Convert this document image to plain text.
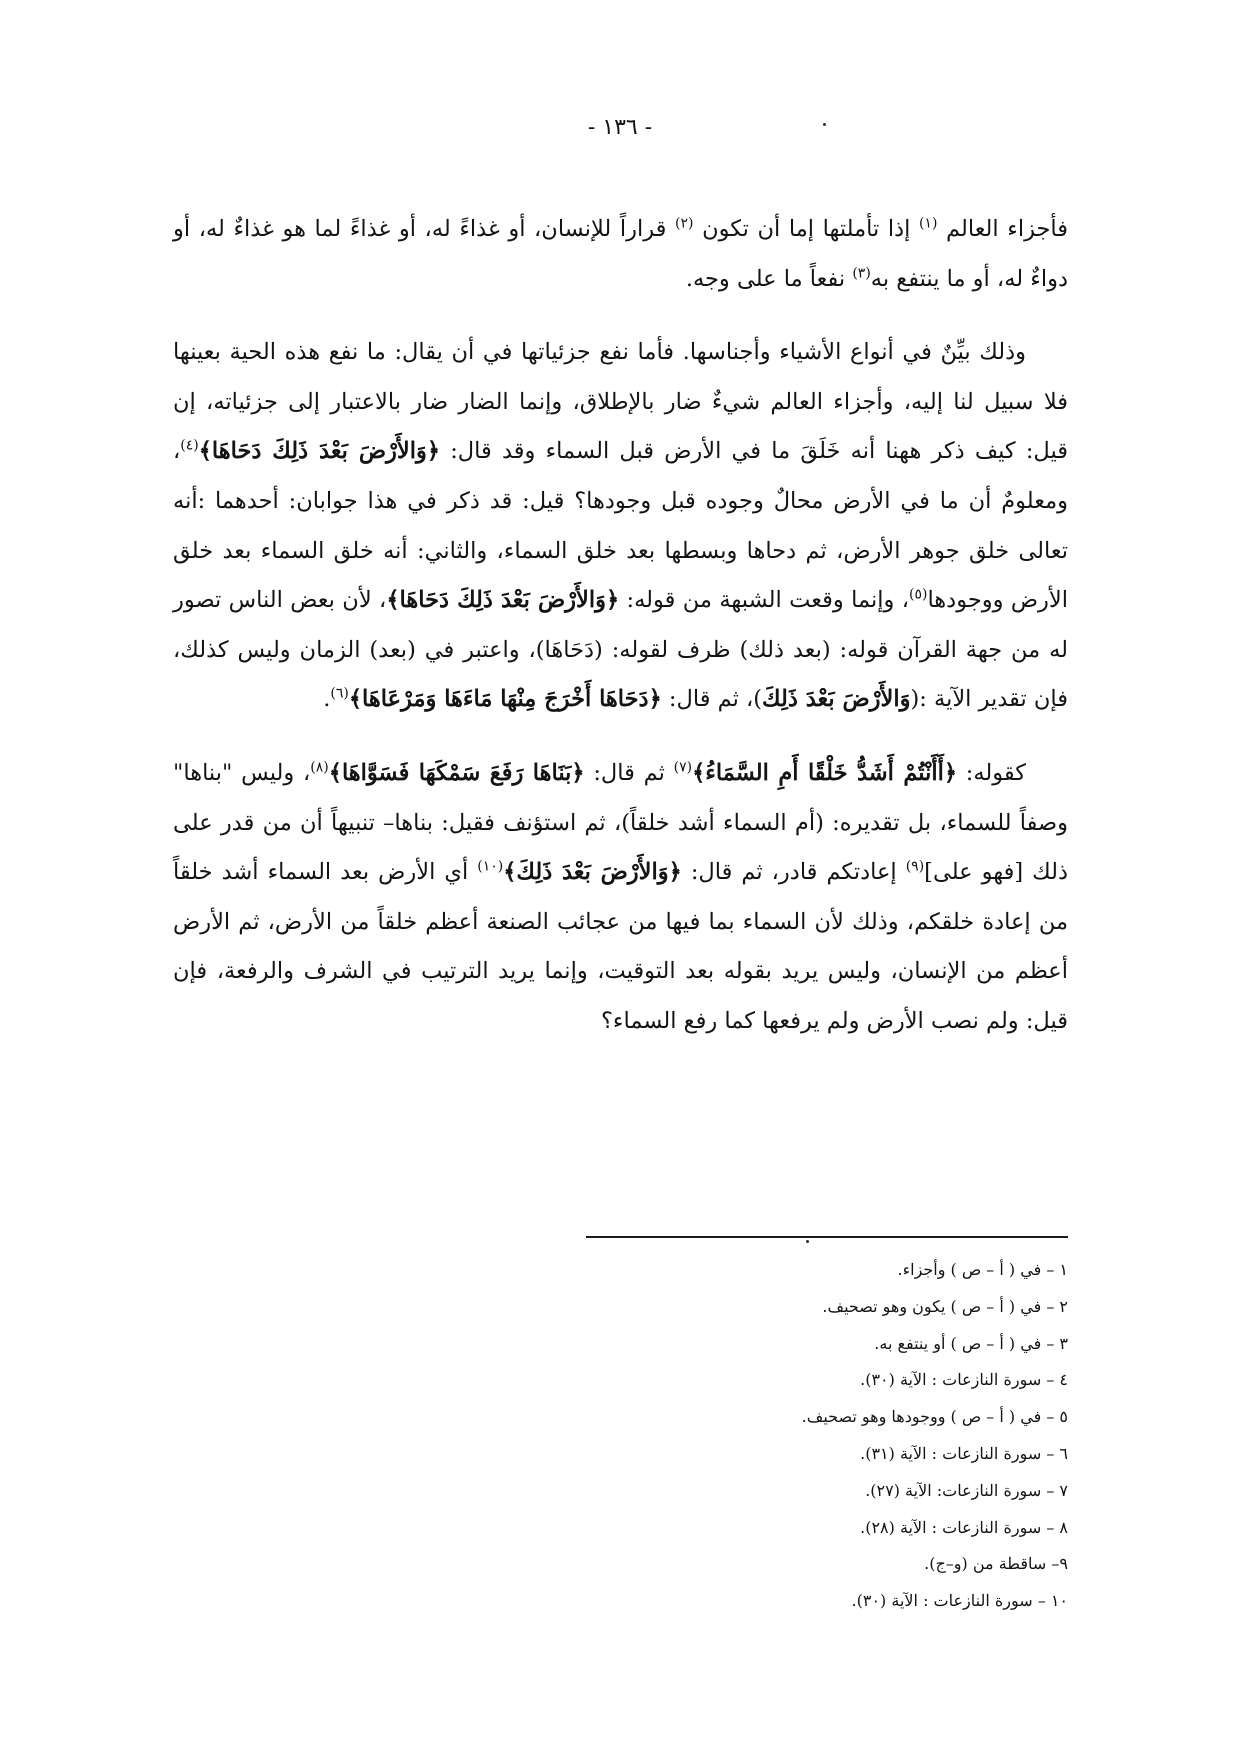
- ١٣٦ -

فأجزاء العالم $^{(١)}$ إذا تأملتها إما أن تكون $^{(٢)}$ قراراً للإنسان، أو غذاءً له، أو غذاءً لما هو غذاءٌ له، أو دواءٌ له، أو ما ينتفع به$^{(٣)}$ نفعاً ما على وجه.

وذلك بيِّنٌ في أنواع الأشياء وأجناسها. فأما نفع جزئياتها في أن يقال: ما نفع هذه الحية بعينها فلا سبيل لنا إليه، وأجزاء العالم شيءٌ ضار بالإطلاق، وإنما الضار ضار بالاعتبار إلى جزئياته، إن قيل: كيف ذكر ههنا أنه خَلَقَ ما في الأرض قبل السماء وقد قال: ﴿وَالأَرْضَ بَعْدَ ذَلِكَ دَحَاهَا﴾$^{(٤)}$، ومعلومٌ أن ما في الأرض محالٌ وجوده قبل وجودها؟ قيل: قد ذكر في هذا جوابان: أحدهما :أنه تعالى خلق جوهر الأرض، ثم دحاها وبسطها بعد خلق السماء، والثاني: أنه خلق السماء بعد خلق الأرض ووجودها$^{(٥)}$، وإنما وقعت الشبهة من قوله: ﴿وَالأَرْضَ بَعْدَ ذَلِكَ دَحَاهَا﴾، لأن بعض الناس تصور له من جهة القرآن قوله: (بعد ذلك) ظرف لقوله: (دَحَاهَا)، واعتبر في (بعد) الزمان وليس كذلك، فإن تقدير الآية :(وَالأَرْضَ بَعْدَ ذَلِكَ)، ثم قال: ﴿دَحَاهَا أَخْرَجَ مِنْهَا مَاءَهَا وَمَرْعَاهَا﴾$^{(٦)}$.

كقوله: ﴿أَأَنْتُمْ أَشَدُّ خَلْقًا أَمِ السَّمَاءُ﴾$^{(٧)}$ ثم قال: ﴿بَنَاهَا رَفَعَ سَمْكَهَا فَسَوَّاهَا﴾$^{(٨)}$، وليس "بناها" وصفاً للسماء، بل تقديره: (أم السماء أشد خلقاً)، ثم استؤنف فقيل: بناها– تنبيهاً أن من قدر على ذلك [فهو على]$^{(٩)}$ إعادتكم قادر، ثم قال: ﴿وَالأَرْضَ بَعْدَ ذَلِكَ﴾$^{(١٠)}$ أي الأرض بعد السماء أشد خلقاً من إعادة خلقكم، وذلك لأن السماء بما فيها من عجائب الصنعة أعظم خلقاً من الأرض، ثم الأرض أعظم من الإنسان، وليس يريد بقوله بعد التوقيت، وإنما يريد الترتيب في الشرف والرفعة، فإن قيل: ولم نصب الأرض ولم يرفعها كما رفع السماء؟

١ – في ( أ – ص ) وأجزاء.
٢ – في ( أ – ص ) يكون وهو تصحيف.
٣ – في ( أ – ص ) أو ينتفع به.
٤ – سورة النازعات : الآية (٣٠).
٥ – في ( أ – ص ) ووجودها وهو تصحيف.
٦ – سورة النازعات : الآية (٣١).
٧ – سورة النازعات: الآية (٢٧).
٨ – سورة النازعات : الآية (٢٨).
٩– ساقطة من (و–ج).
١٠ – سورة النازعات : الآية (٣٠).
